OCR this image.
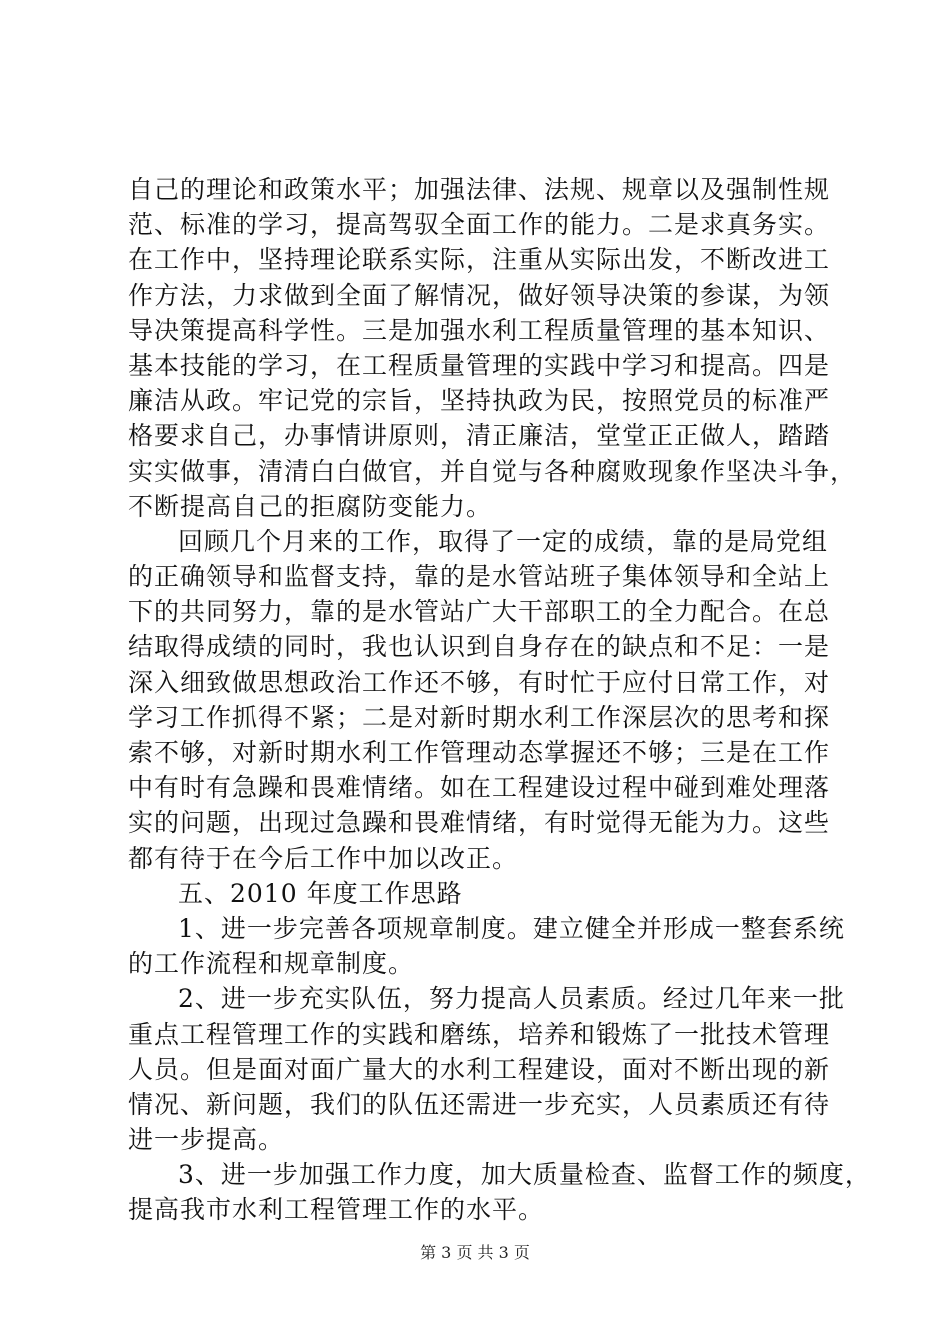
自己的理论和政策水平；加强法律、法规、规章以及强制性规
范、标准的学习，提高驾驭全面工作的能力。二是求真务实。
在工作中，坚持理论联系实际，注重从实际出发，不断改进工
作方法，力求做到全面了解情况，做好领导决策的参谋，为领
导决策提高科学性。三是加强水利工程质量管理的基本知识、
基本技能的学习，在工程质量管理的实践中学习和提高。四是
廉洁从政。牢记党的宗旨，坚持执政为民，按照党员的标准严
格要求自己，办事情讲原则，清正廉洁，堂堂正正做人，踏踏
实实做事，清清白白做官，并自觉与各种腐败现象作坚决斗争，
不断提高自己的拒腐防变能力。
回顾几个月来的工作，取得了一定的成绩，靠的是局党组
的正确领导和监督支持，靠的是水管站班子集体领导和全站上
下的共同努力，靠的是水管站广大干部职工的全力配合。在总
结取得成绩的同时，我也认识到自身存在的缺点和不足：一是
深入细致做思想政治工作还不够，有时忙于应付日常工作，对
学习工作抓得不紧；二是对新时期水利工作深层次的思考和探
索不够，对新时期水利工作管理动态掌握还不够；三是在工作
中有时有急躁和畏难情绪。如在工程建设过程中碰到难处理落
实的问题，出现过急躁和畏难情绪，有时觉得无能为力。这些
都有待于在今后工作中加以改正。
五、2010 年度工作思路
1、进一步完善各项规章制度。建立健全并形成一整套系统
的工作流程和规章制度。
2、进一步充实队伍，努力提高人员素质。经过几年来一批
重点工程管理工作的实践和磨练，培养和锻炼了一批技术管理
人员。但是面对面广量大的水利工程建设，面对不断出现的新
情况、新问题，我们的队伍还需进一步充实，人员素质还有待
进一步提高。
3、进一步加强工作力度，加大质量检查、监督工作的频度，
提高我市水利工程管理工作的水平。
第 3 页 共 3 页
